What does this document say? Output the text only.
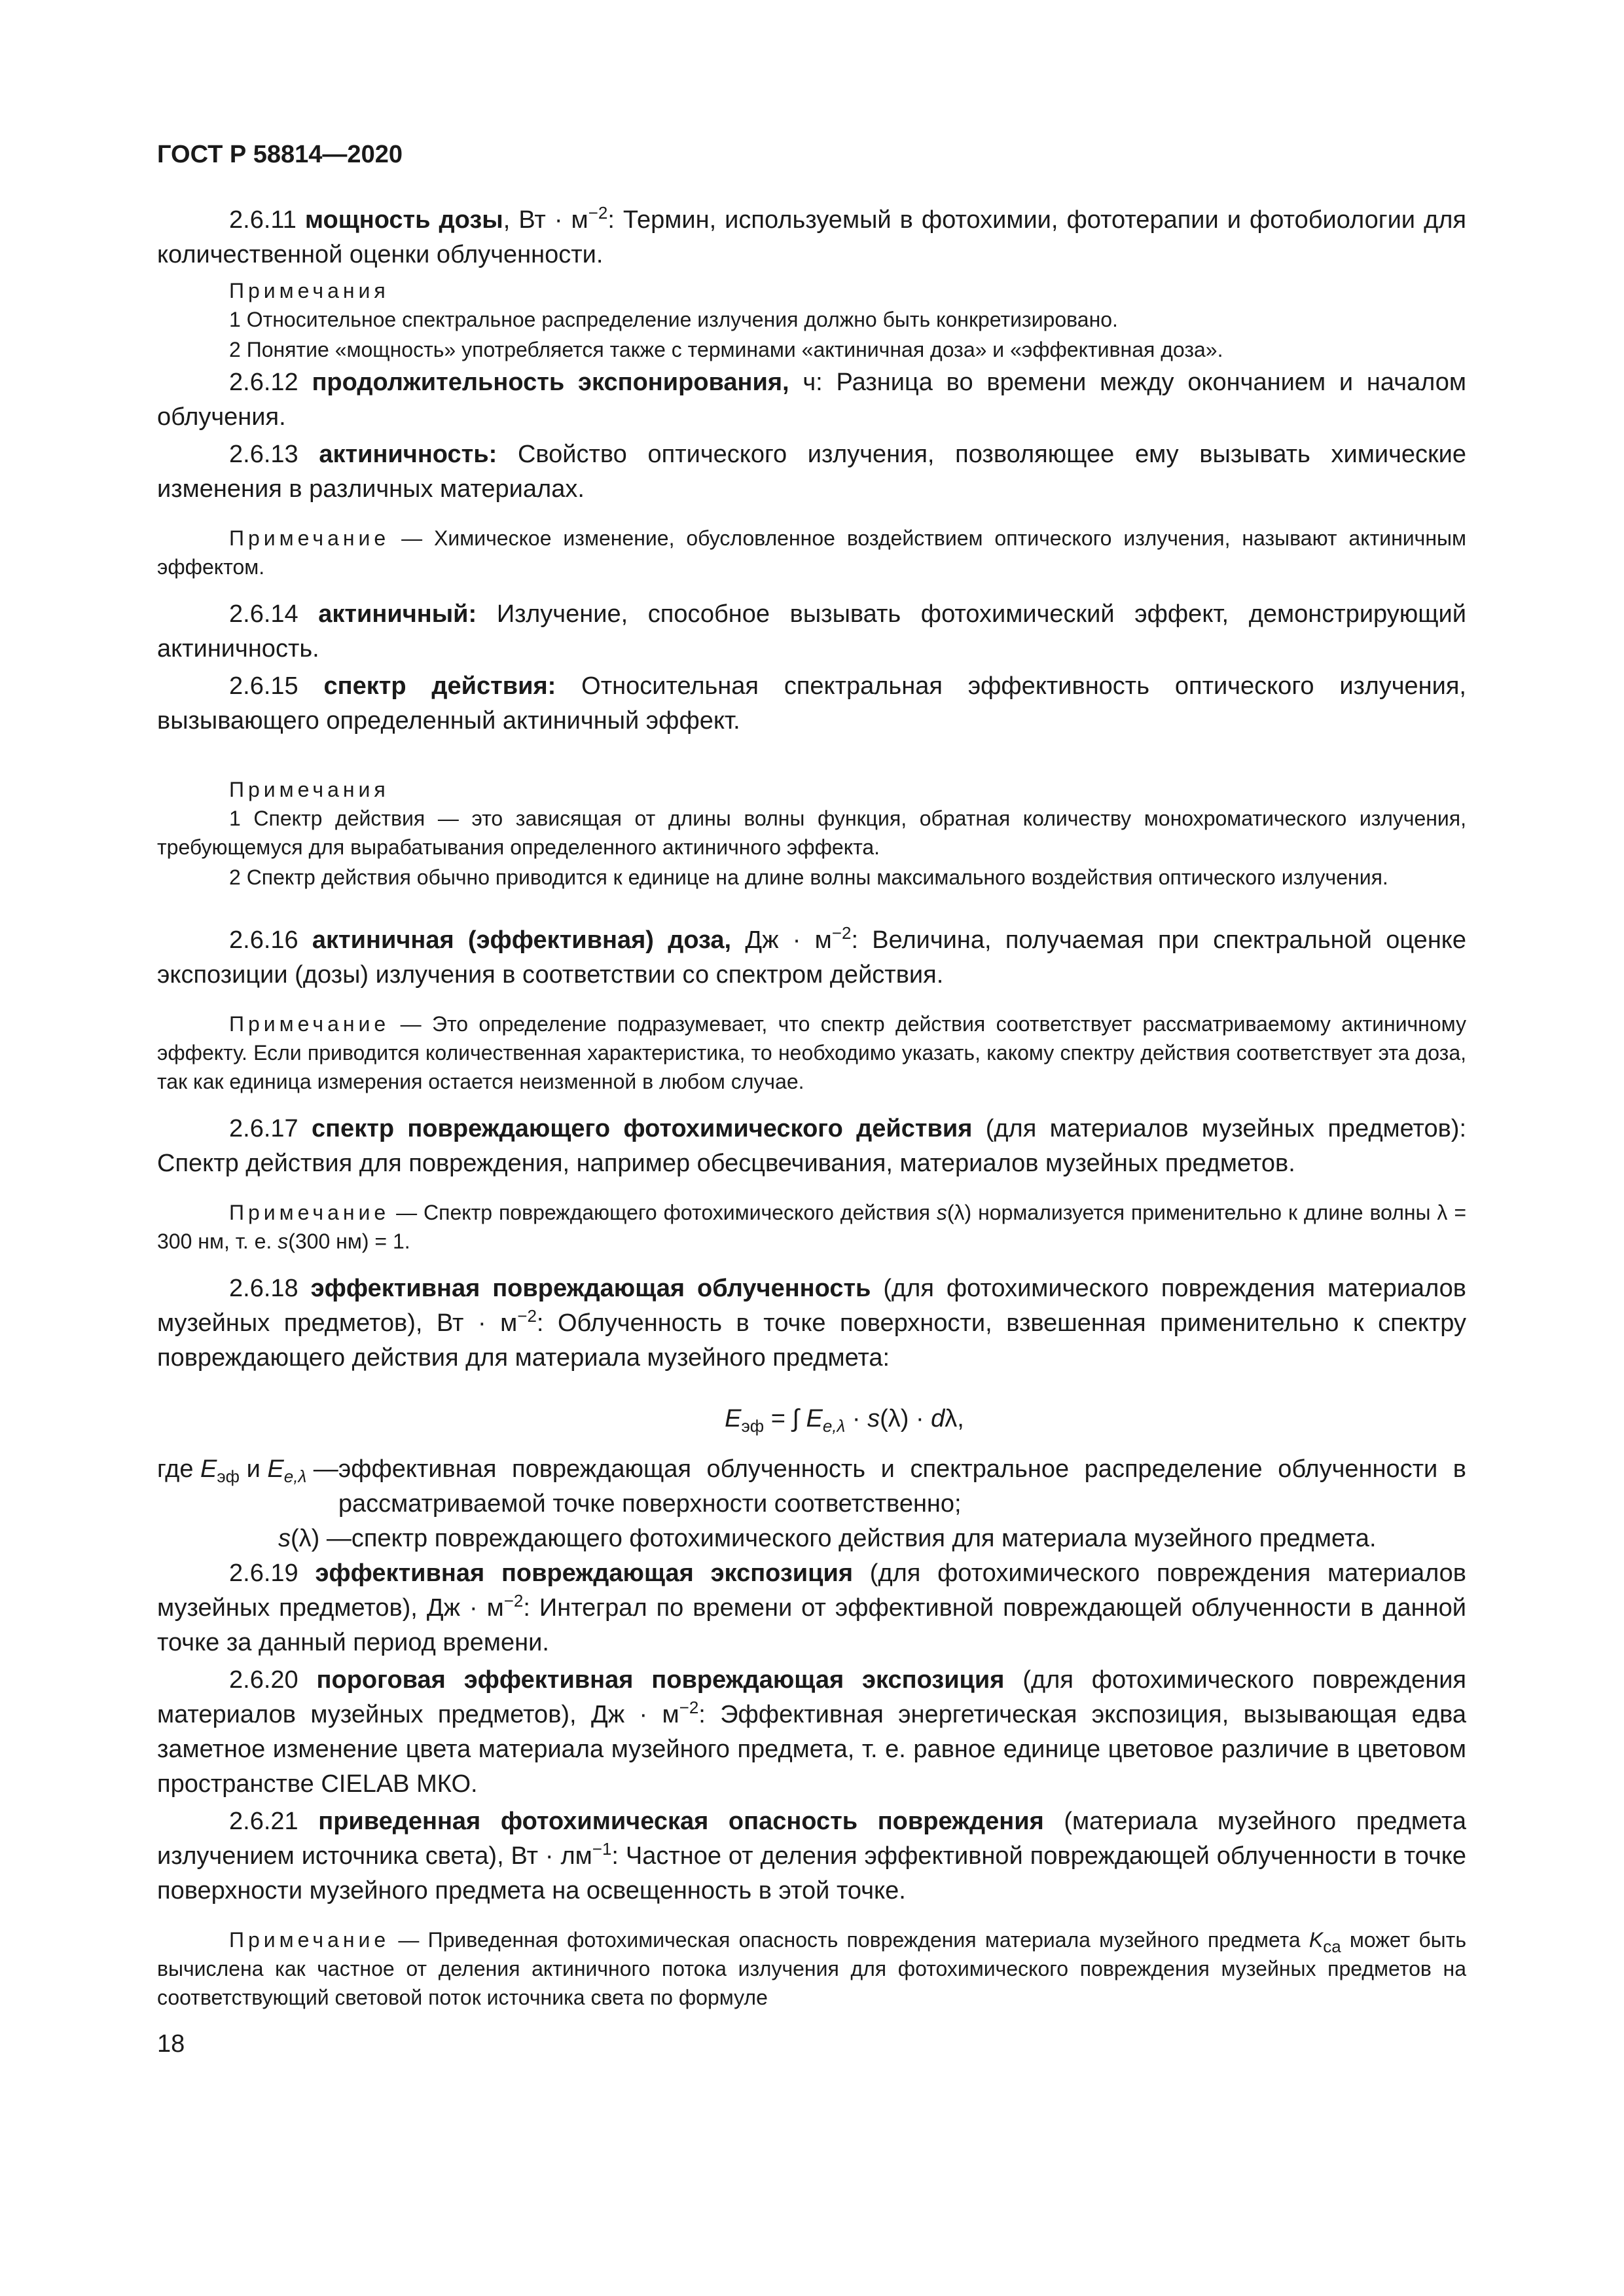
ГОСТ Р 58814—2020

2.6.11 мощность дозы, Вт · $м^{-2}$: Термин, используемый в фотохимии, фототерапии и фотобиологии для количественной оценки облученности.

Примечания

1 Относительное спектральное распределение излучения должно быть конкретизировано.

2 Понятие «мощность» употребляется также с терминами «актиничная доза» и «эффективная доза».

2.6.12 продолжительность экспонирования, ч: Разница во времени между окончанием и началом облучения.

2.6.13 актиничность: Свойство оптического излучения, позволяющее ему вызывать химические изменения в различных материалах.

Примечание — Химическое изменение, обусловленное воздействием оптического излучения, называют актиничным эффектом.

2.6.14 актиничный: Излучение, способное вызывать фотохимический эффект, демонстрирующий актиничность.

2.6.15 спектр действия: Относительная спектральная эффективность оптического излучения, вызывающего определенный актиничный эффект.

Примечания

1 Спектр действия — это зависящая от длины волны функция, обратная количеству монохроматического излучения, требующемуся для вырабатывания определенного актиничного эффекта.

2 Спектр действия обычно приводится к единице на длине волны максимального воздействия оптического излучения.

2.6.16 актиничная (эффективная) доза, Дж · $м^{-2}$: Величина, получаемая при спектральной оценке экспозиции (дозы) излучения в соответствии со спектром действия.

Примечание — Это определение подразумевает, что спектр действия соответствует рассматриваемому актиничному эффекту. Если приводится количественная характеристика, то необходимо указать, какому спектру действия соответствует эта доза, так как единица измерения остается неизменной в любом случае.

2.6.17 спектр повреждающего фотохимического действия (для материалов музейных предметов): Спектр действия для повреждения, например обесцвечивания, материалов музейных предметов.

Примечание — Спектр повреждающего фотохимического действия s(λ) нормализуется применительно к длине волны λ = 300 нм, т. е. s(300 нм) = 1.

2.6.18 эффективная повреждающая облученность (для фотохимического повреждения материалов музейных предметов), Вт · $м^{-2}$: Облученность в точке поверхности, взвешенная применительно к спектру повреждающего действия для материала музейного предмета:

$E_{эф}$ = ∫ $E_{e,\lambda} \cdot s(\lambda) \cdot d\lambda$,
где $E_{эф}$ и $E_{e,\lambda}$ — эффективная повреждающая облученность и спектральное распределение облученности в рассматриваемой точке поверхности соответственно;
s(λ) — спектр повреждающего фотохимического действия для материала музейного предмета.

2.6.19 эффективная повреждающая экспозиция (для фотохимического повреждения материалов музейных предметов), Дж · $м^{-2}$: Интеграл по времени от эффективной повреждающей облученности в данной точке за данный период времени.

2.6.20 пороговая эффективная повреждающая экспозиция (для фотохимического повреждения материалов музейных предметов), Дж · $м^{-2}$: Эффективная энергетическая экспозиция, вызывающая едва заметное изменение цвета материала музейного предмета, т. е. равное единице цветовое различие в цветовом пространстве CIELAB МКО.

2.6.21 приведенная фотохимическая опасность повреждения (материала музейного предмета излучением источника света), Вт · $лм^{-1}$: Частное от деления эффективной повреждающей облученности в точке поверхности музейного предмета на освещенность в этой точке.

Примечание — Приведенная фотохимическая опасность повреждения материала музейного предмета $K_{са}$ может быть вычислена как частное от деления актиничного потока излучения для фотохимического повреждения музейных предметов на соответствующий световой поток источника света по формуле

18
